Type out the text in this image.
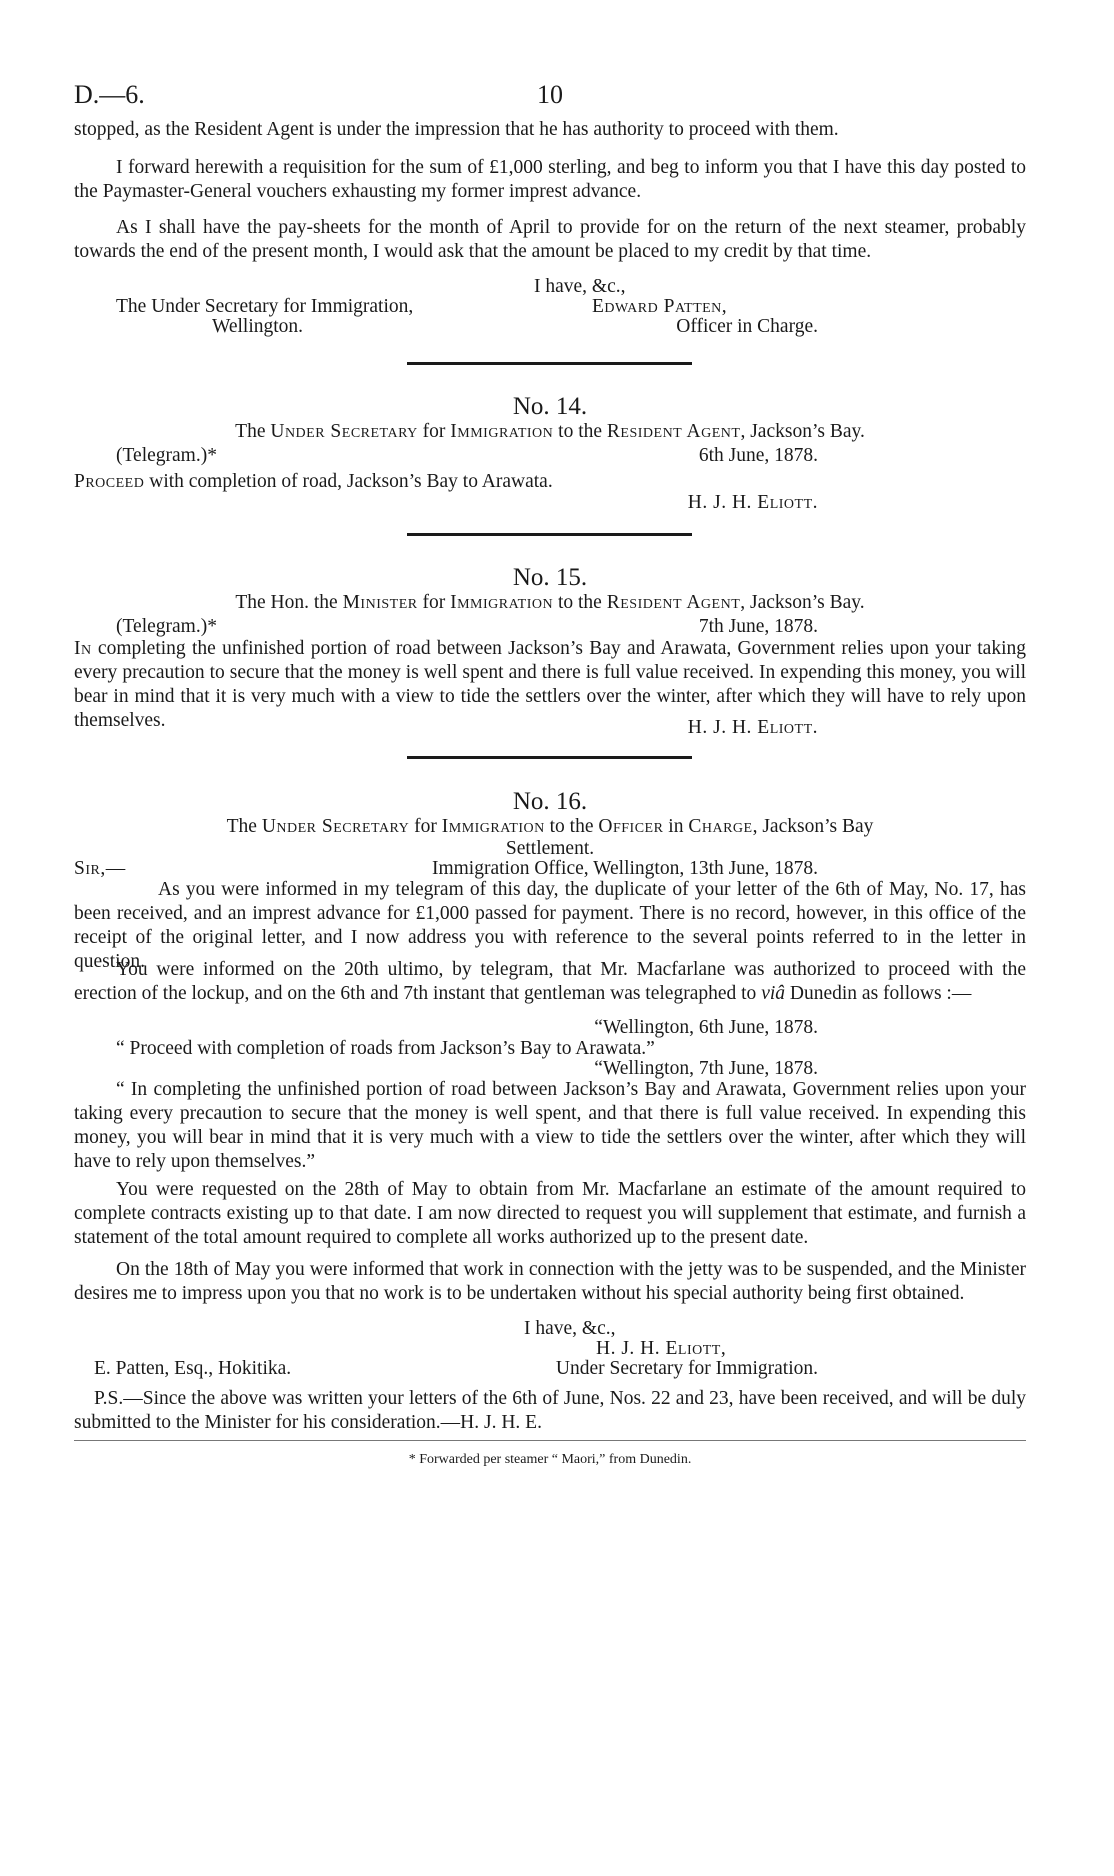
D.—6.	10
stopped, as the Resident Agent is under the impression that he has authority to proceed with them.
I forward herewith a requisition for the sum of £1,000 sterling, and beg to inform you that I have this day posted to the Paymaster-General vouchers exhausting my former imprest advance.
As I shall have the pay-sheets for the month of April to provide for on the return of the next steamer, probably towards the end of the present month, I would ask that the amount be placed to my credit by that time.
I have, &c.,
The Under Secretary for Immigration,	Edward Patten,
Wellington.	Officer in Charge.
No. 14.
The Under Secretary for Immigration to the Resident Agent, Jackson’s Bay.
(Telegram.)*	6th June, 1878.
Proceed with completion of road, Jackson’s Bay to Arawata.
H. J. H. Eliott.
No. 15.
The Hon. the Minister for Immigration to the Resident Agent, Jackson’s Bay.
(Telegram.)*	7th June, 1878.
In completing the unfinished portion of road between Jackson’s Bay and Arawata, Government relies upon your taking every precaution to secure that the money is well spent and there is full value received. In expending this money, you will bear in mind that it is very much with a view to tide the settlers over the winter, after which they will have to rely upon themselves.	H. J. H. Eliott.
No. 16.
The Under Secretary for Immigration to the Officer in Charge, Jackson’s Bay
Settlement.
Sir,—	Immigration Office, Wellington, 13th June, 1878.
As you were informed in my telegram of this day, the duplicate of your letter of the 6th of May, No. 17, has been received, and an imprest advance for £1,000 passed for payment. There is no record, however, in this office of the receipt of the original letter, and I now address you with reference to the several points referred to in the letter in question.
You were informed on the 20th ultimo, by telegram, that Mr. Macfarlane was authorized to proceed with the erection of the lockup, and on the 6th and 7th instant that gentleman was telegraphed to viâ Dunedin as follows :—
“Wellington, 6th June, 1878.
“ Proceed with completion of roads from Jackson’s Bay to Arawata.”
“Wellington, 7th June, 1878.
“ In completing the unfinished portion of road between Jackson’s Bay and Arawata, Government relies upon your taking every precaution to secure that the money is well spent, and that there is full value received. In expending this money, you will bear in mind that it is very much with a view to tide the settlers over the winter, after which they will have to rely upon themselves.”
You were requested on the 28th of May to obtain from Mr. Macfarlane an estimate of the amount required to complete contracts existing up to that date. I am now directed to request you will supplement that estimate, and furnish a statement of the total amount required to complete all works authorized up to the present date.
On the 18th of May you were informed that work in connection with the jetty was to be suspended, and the Minister desires me to impress upon you that no work is to be undertaken without his special authority being first obtained.
I have, &c.,
H. J. H. Eliott,
E. Patten, Esq., Hokitika.	Under Secretary for Immigration.
P.S.—Since the above was written your letters of the 6th of June, Nos. 22 and 23, have been received, and will be duly submitted to the Minister for his consideration.—H. J. H. E.
* Forwarded per steamer “ Maori,” from Dunedin.
